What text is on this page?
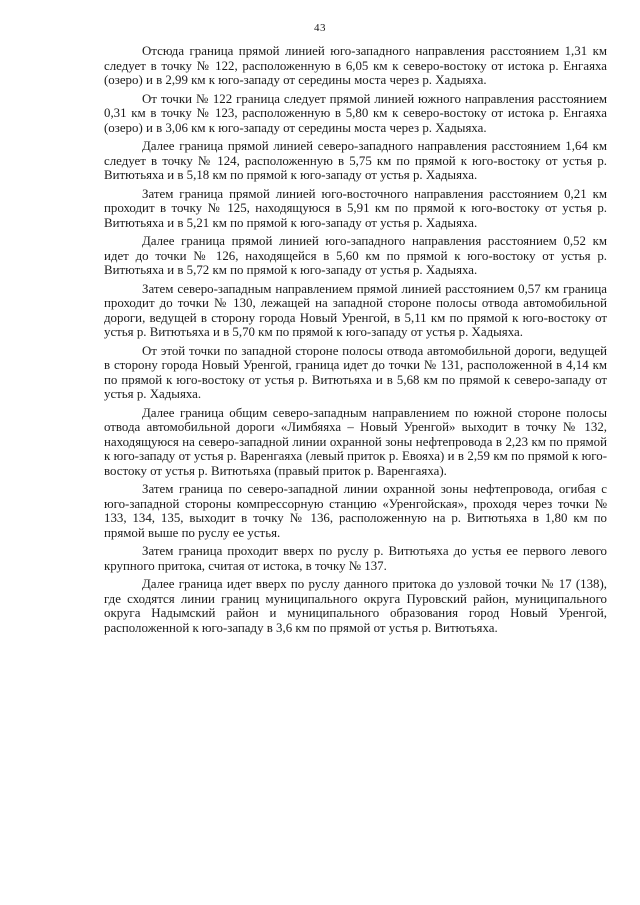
43

Отсюда граница прямой линией юго-западного направления расстоянием 1,31 км следует в точку № 122, расположенную в 6,05 км к северо-востоку от истока р. Енгаяха (озеро) и в 2,99 км к юго-западу от середины моста через р. Хадыяха.

От точки № 122 граница следует прямой линией южного направления расстоянием 0,31 км в точку № 123, расположенную в 5,80 км к северо-востоку от истока р. Енгаяха (озеро) и в 3,06 км к юго-западу от середины моста через р. Хадыяха.

Далее граница прямой линией северо-западного направления расстоянием 1,64 км следует в точку № 124, расположенную в 5,75 км по прямой к юго-востоку от устья р. Витютьяха и в 5,18 км по прямой к юго-западу от устья р. Хадыяха.

Затем граница прямой линией юго-восточного направления расстоянием 0,21 км проходит в точку № 125, находящуюся в 5,91 км по прямой к юго-востоку от устья р. Витютьяха и в 5,21 км по прямой к юго-западу от устья р. Хадыяха.

Далее граница прямой линией юго-западного направления расстоянием 0,52 км идет до точки № 126, находящейся в 5,60 км по прямой к юго-востоку от устья р. Витютьяха и в 5,72 км по прямой к юго-западу от устья р. Хадыяха.

Затем северо-западным направлением прямой линией расстоянием 0,57 км граница проходит до точки № 130, лежащей на западной стороне полосы отвода автомобильной дороги, ведущей в сторону города Новый Уренгой, в 5,11 км по прямой к юго-востоку от устья р. Витютьяха и в 5,70 км по прямой к юго-западу от устья р. Хадыяха.

От этой точки по западной стороне полосы отвода автомобильной дороги, ведущей в сторону города Новый Уренгой, граница идет до точки № 131, расположенной в 4,14 км по прямой к юго-востоку от устья р. Витютьяха и в 5,68 км по прямой к северо-западу от устья р. Хадыяха.

Далее граница общим северо-западным направлением по южной стороне полосы отвода автомобильной дороги «Лимбяяха – Новый Уренгой» выходит в точку № 132, находящуюся на северо-западной линии охранной зоны нефтепровода в 2,23 км по прямой к юго-западу от устья р. Варенгаяха (левый приток р. Евояха) и в 2,59 км по прямой к юго-востоку от устья р. Витютьяха (правый приток р. Варенгаяха).

Затем граница по северо-западной линии охранной зоны нефтепровода, огибая с юго-западной стороны компрессорную станцию «Уренгойская», проходя через точки № 133, 134, 135, выходит в точку № 136, расположенную на р. Витютьяха в 1,80 км по прямой выше по руслу ее устья.

Затем граница проходит вверх по руслу р. Витютьяха до устья ее первого левого крупного притока, считая от истока, в точку № 137.

Далее граница идет вверх по руслу данного притока до узловой точки № 17 (138), где сходятся линии границ муниципального округа Пуровский район, муниципального округа Надымский район и муниципального образования город Новый Уренгой, расположенной к юго-западу в 3,6 км по прямой от устья р. Витютьяха.
